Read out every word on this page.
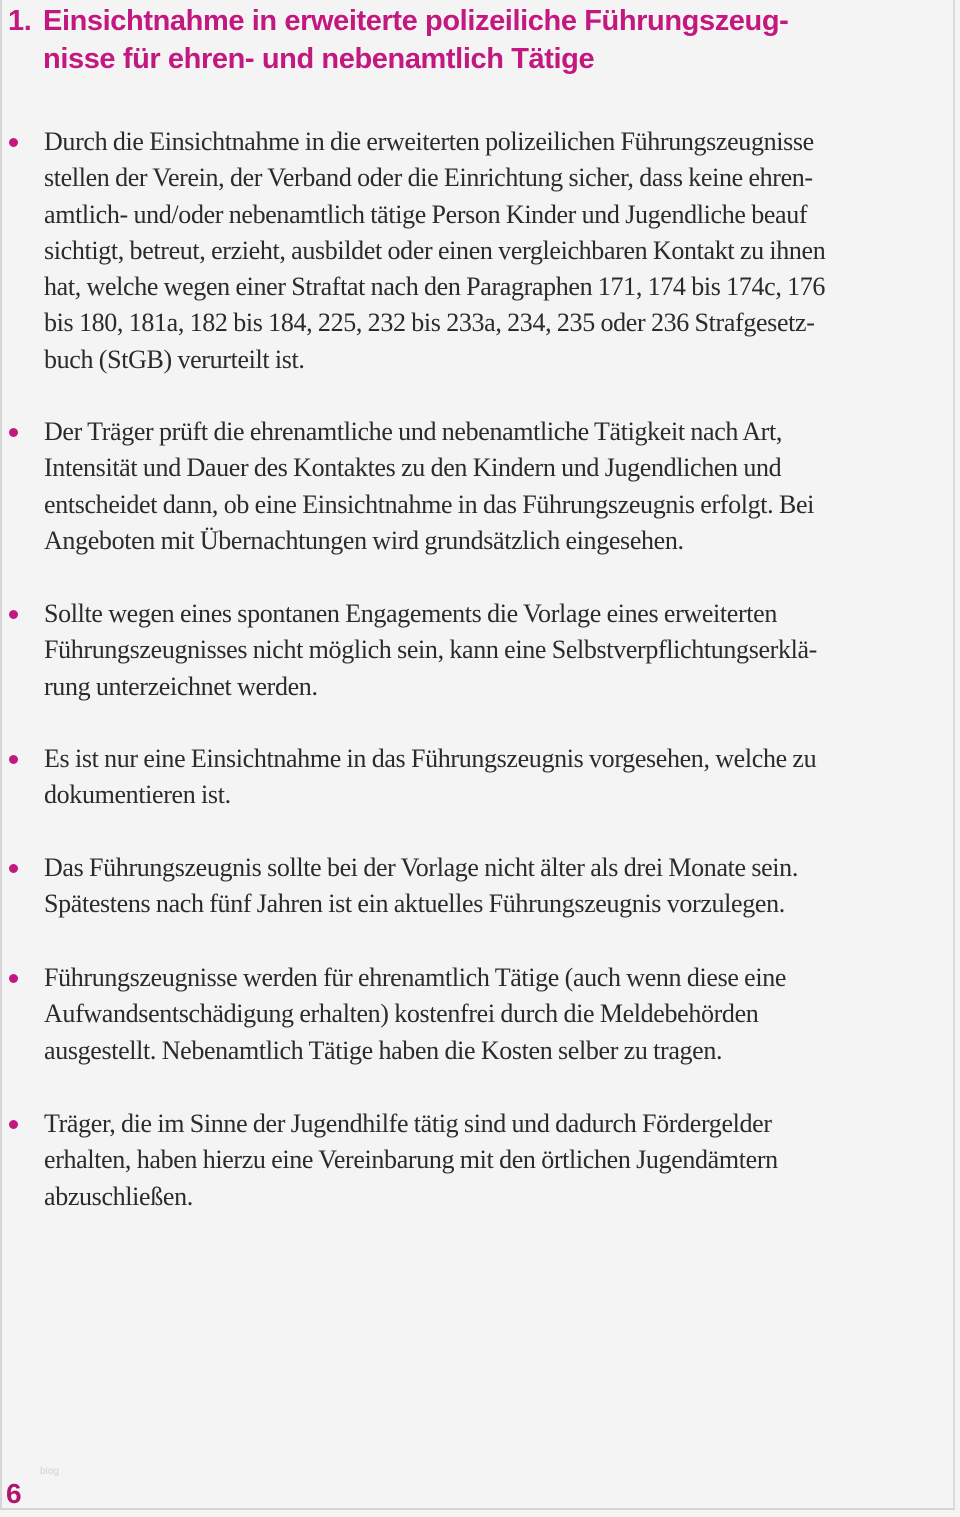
1. Einsichtnahme in erweiterte polizeiliche Führungszeug-
nisse für ehren- und nebenamtlich Tätige
Durch die Einsichtnahme in die erweiterten polizeilichen Führungszeugnisse
stellen der Verein, der Verband oder die Einrichtung sicher, dass keine ehren-
amtlich- und/oder nebenamtlich tätige Person Kinder und Jugendliche beauf
sichtigt, betreut, erzieht, ausbildet oder einen vergleichbaren Kontakt zu ihnen
hat, welche wegen einer Straftat nach den Paragraphen 171, 174 bis 174c, 176
bis 180, 181a, 182 bis 184, 225, 232 bis 233a, 234, 235 oder 236 Strafgesetz-
buch (StGB) verurteilt ist.
Der Träger prüft die ehrenamtliche und nebenamtliche Tätigkeit nach Art,
Intensität und Dauer des Kontaktes zu den Kindern und Jugendlichen und
entscheidet dann, ob eine Einsichtnahme in das Führungszeugnis erfolgt. Bei
Angeboten mit Übernachtungen wird grundsätzlich eingesehen.
Sollte wegen eines spontanen Engagements die Vorlage eines erweiterten
Führungszeugnisses nicht möglich sein, kann eine Selbstverpflichtungserklä-
rung unterzeichnet werden.
Es ist nur eine Einsichtnahme in das Führungszeugnis vorgesehen, welche zu
dokumentieren ist.
Das Führungszeugnis sollte bei der Vorlage nicht älter als drei Monate sein.
Spätestens nach fünf Jahren ist ein aktuelles Führungszeugnis vorzulegen.
Führungszeugnisse werden für ehrenamtlich Tätige (auch wenn diese eine
Aufwandsentschädigung erhalten) kostenfrei durch die Meldebehörden
ausgestellt. Nebenamtlich Tätige haben die Kosten selber zu tragen.
Träger, die im Sinne der Jugendhilfe tätig sind und dadurch Fördergelder
erhalten, haben hierzu eine Vereinbarung mit den örtlichen Jugendämtern
abzuschließen.
blog
6
